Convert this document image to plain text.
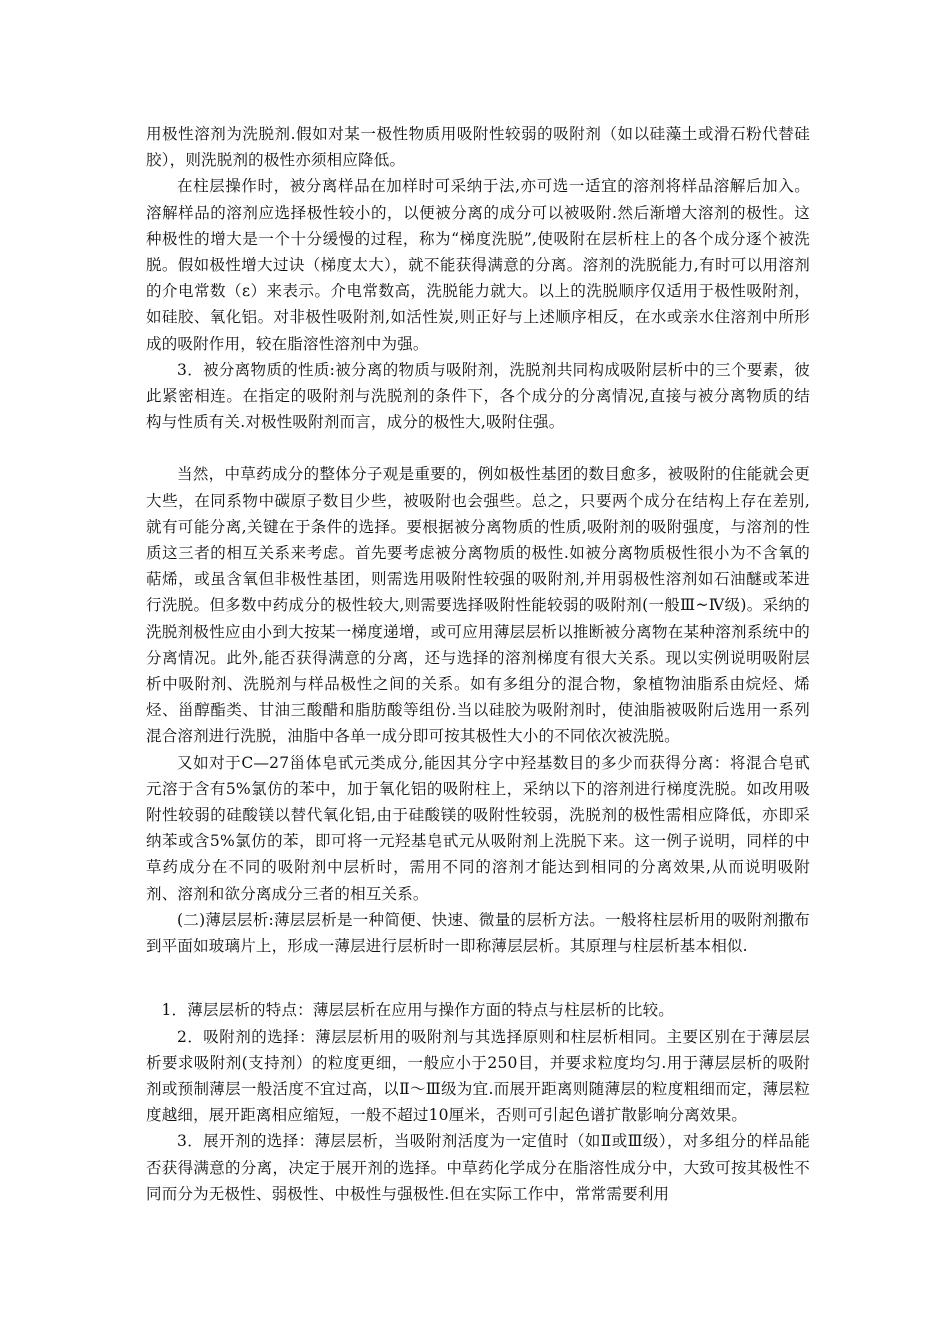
用极性溶剂为洗脱剂.假如对某一极性物质用吸附性较弱的吸附剂（如以硅藻土或滑石粉代替硅胶），则洗脱剂的极性亦须相应降低。

在柱层操作时，被分离样品在加样时可采纳于法,亦可选一适宜的溶剂将样品溶解后加入。溶解样品的溶剂应选择极性较小的，以便被分离的成分可以被吸附.然后渐增大溶剂的极性。这种极性的增大是一个十分缓慢的过程，称为“梯度洗脱”,使吸附在层析柱上的各个成分逐个被洗脱。假如极性增大过诀（梯度太大），就不能获得满意的分离。溶剂的洗脱能力,有时可以用溶剂的介电常数（ε）来表示。介电常数高，洗脱能力就大。以上的洗脱顺序仅适用于极性吸附剂，如硅胶、氧化铝。对非极性吸附剂,如活性炭,则正好与上述顺序相反，在水或亲水住溶剂中所形成的吸附作用，较在脂溶性溶剂中为强。

3．被分离物质的性质:被分离的物质与吸附剂，洗脱剂共同构成吸附层析中的三个要素，彼此紧密相连。在指定的吸附剂与洗脱剂的条件下，各个成分的分离情况,直接与被分离物质的结构与性质有关.对极性吸附剂而言，成分的极性大,吸附住强。

当然，中草药成分的整体分子观是重要的，例如极性基团的数目愈多，被吸附的住能就会更大些，在同系物中碳原子数目少些，被吸附也会强些。总之，只要两个成分在结构上存在差别,就有可能分离,关键在于条件的选择。要根据被分离物质的性质,吸附剂的吸附强度，与溶剂的性质这三者的相互关系来考虑。首先要考虑被分离物质的极性.如被分离物质极性很小为不含氧的萜烯，或虽含氧但非极性基团，则需选用吸附性较强的吸附剂,并用弱极性溶剂如石油醚或苯进行洗脱。但多数中药成分的极性较大,则需要选择吸附性能较弱的吸附剂(一般Ⅲ~Ⅳ级)。采纳的洗脱剂极性应由小到大按某一梯度递增，或可应用薄层层析以推断被分离物在某种溶剂系统中的分离情况。此外,能否获得满意的分离，还与选择的溶剂梯度有很大关系。现以实例说明吸附层析中吸附剂、洗脱剂与样品极性之间的关系。如有多组分的混合物，象植物油脂系由烷烃、烯烃、甾醇酯类、甘油三酸醋和脂肪酸等组份.当以硅胶为吸附剂时，使油脂被吸附后选用一系列混合溶剂进行洗脱，油脂中各单一成分即可按其极性大小的不同依次被洗脱。

又如对于C—27甾体皂甙元类成分,能因其分字中羟基数目的多少而获得分离：将混合皂甙元溶于含有5%氯仿的苯中，加于氧化铝的吸附柱上，采纳以下的溶剂进行梯度洗脱。如改用吸附性较弱的硅酸镁以替代氧化铝,由于硅酸镁的吸附性较弱，洗脱剂的极性需相应降低，亦即采纳苯或含5%氯仿的苯，即可将一元羟基皂甙元从吸附剂上洗脱下来。这一例子说明，同样的中草药成分在不同的吸附剂中层析时，需用不同的溶剂才能达到相同的分离效果,从而说明吸附剂、溶剂和欲分离成分三者的相互关系。

(二)薄层层析:薄层层析是一种简便、快速、微量的层析方法。一般将柱层析用的吸附剂撒布到平面如玻璃片上，形成一薄层进行层析时一即称薄层层析。其原理与柱层析基本相似.

1．薄层层析的特点：薄层层析在应用与操作方面的特点与柱层析的比较。

2．吸附剂的选择：薄层层析用的吸附剂与其选择原则和柱层析相同。主要区别在于薄层层析要求吸附剂(支持剂）的粒度更细，一般应小于250目，并要求粒度均匀.用于薄层层析的吸附剂或预制薄层一般活度不宜过高，以Ⅱ～Ⅲ级为宜.而展开距离则随薄层的粒度粗细而定，薄层粒度越细，展开距离相应缩短，一般不超过10厘米，否则可引起色谱扩散影响分离效果。

3．展开剂的选择：薄层层析，当吸附剂活度为一定值时（如Ⅱ或Ⅲ级），对多组分的样品能否获得满意的分离，决定于展开剂的选择。中草药化学成分在脂溶性成分中，大致可按其极性不同而分为无极性、弱极性、中极性与强极性.但在实际工作中，常常需要利用
